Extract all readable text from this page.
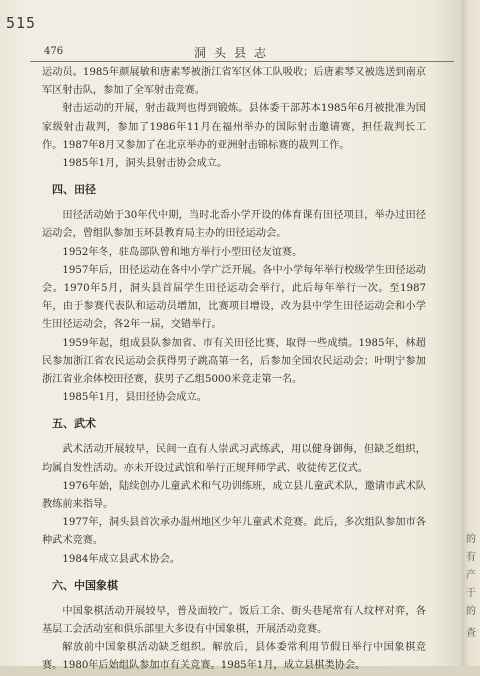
515
476	洞头县志

运动员。1985年颜展敏和唐素琴被浙江省军区体工队吸收；后唐素琴又被选送到南京军区射击队，参加了全军射击竞赛。

射击运动的开展，射击裁判也得到锻炼。县体委干部苏本1985年6月被批准为国家级射击裁判，参加了1986年11月在福州举办的国际射击邀请赛，担任裁判长工作。1987年8月又参加了在北京举办的亚洲射击锦标赛的裁判工作。

1985年1月，洞头县射击协会成立。

四、田径

田径活动始于30年代中期，当时北岙小学开设的体育课有田径项目，举办过田径运动会，曾组队参加玉环县教育局主办的田径运动会。

1952年冬，驻岛部队曾和地方举行小型田径友谊赛。

1957年后，田径运动在各中小学广泛开展。各中小学每年举行校级学生田径运动会。1970年5月，洞头县首届学生田径运动会举行，此后每年举行一次。至1987年，由于参赛代表队和运动员增加，比赛项目增设，改为县中学生田径运动会和小学生田径运动会，各2年一届，交错举行。

1959年起，组成县队参加省、市有关田径比赛，取得一些成绩。1985年，林超民参加浙江省农民运动会获得男子跳高第一名，后参加全国农民运动会；叶明宁参加浙江省业余体校田径赛，获男子乙组5000米竞走第一名。

1985年1月，县田径协会成立。

五、武术

武术活动开展较早，民间一直有人崇武习武练武，用以健身御侮，但缺乏组织，均属自发性活动。亦未开设过武馆和举行正规拜师学武、收徒传艺仪式。

1976年始，陆续创办儿童武术和气功训练班，成立县儿童武术队，邀请市武术队教练前来指导。

1977年，洞头县首次承办温州地区少年儿童武术竞赛。此后，多次组队参加市各种武术竞赛。

1984年成立县武术协会。

六、中国象棋

中国象棋活动开展较早，普及面较广。饭后工余、街头巷尾常有人纹枰对弈，各基层工会活动室和俱乐部里大多设有中国象棋，开展活动竞赛。

解放前中国象棋活动缺乏组织。解放后，县体委常利用节假日举行中国象棋竞赛。1980年后始组队参加市有关竞赛。1985年1月，成立县棋类协会。

的
有
产
于
的
查
